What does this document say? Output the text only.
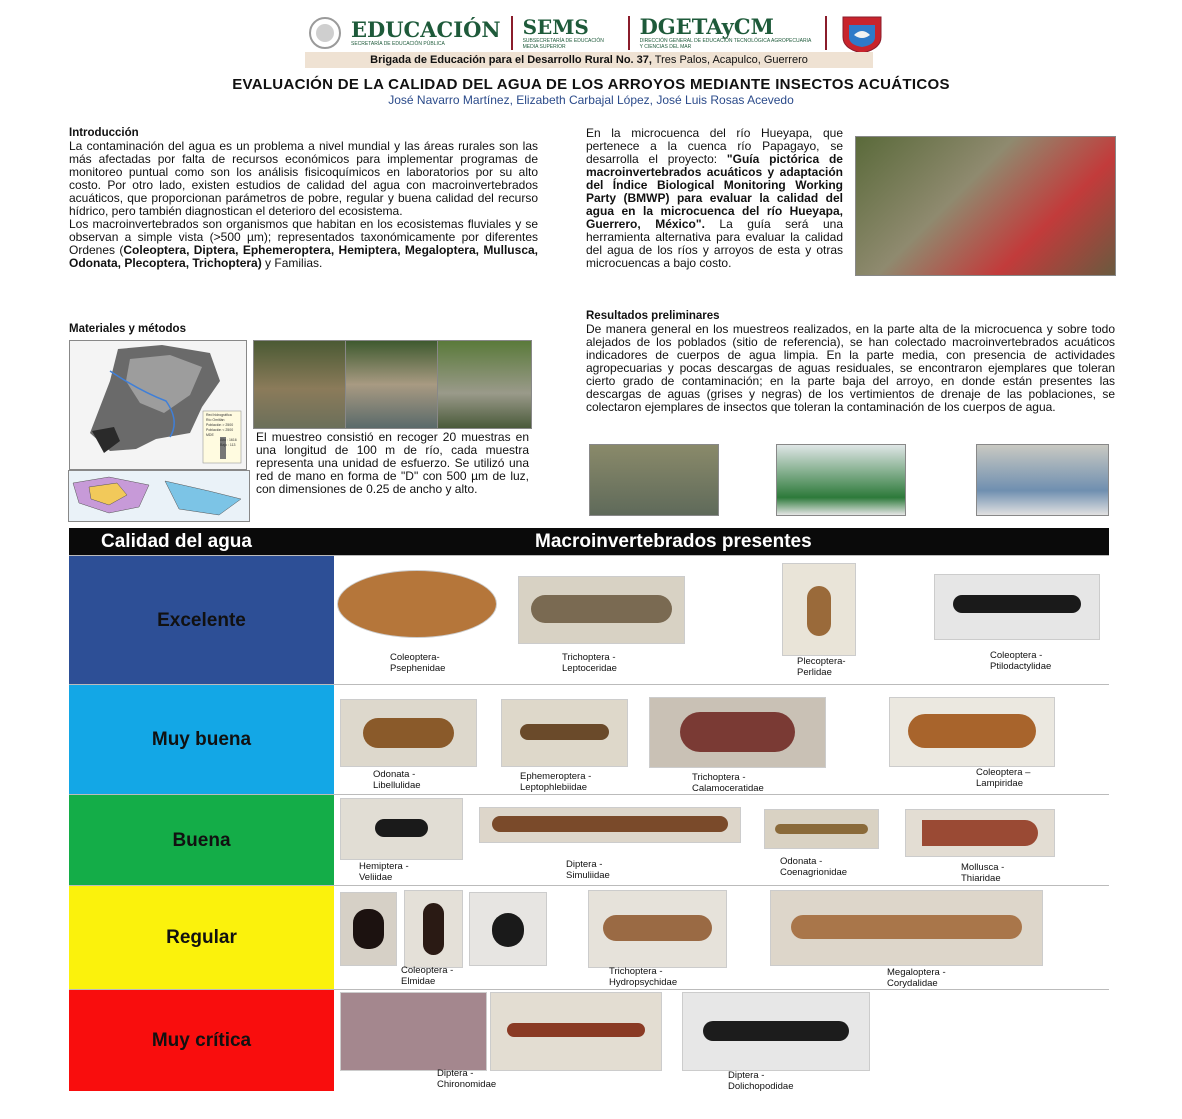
EDUCACIÓN
SECRETARÍA DE EDUCACIÓN PÚBLICA
SEMS
SUBSECRETARÍA DE EDUCACIÓN MEDIA SUPERIOR
DGETAyCM
DIRECCIÓN GENERAL DE EDUCACIÓN TECNOLÓGICA AGROPECUARIA Y CIENCIAS DEL MAR
Brigada de Educación para el Desarrollo Rural No. 37, Tres Palos, Acapulco, Guerrero
EVALUACIÓN DE LA CALIDAD DEL AGUA DE LOS ARROYOS MEDIANTE INSECTOS ACUÁTICOS
José Navarro Martínez, Elizabeth Carbajal López, José Luis Rosas Acevedo
Introducción
La contaminación del agua es un problema a nivel mundial y las áreas rurales son las más afectadas por falta de recursos económicos para implementar programas de monitoreo puntual como son los análisis fisicoquímicos en laboratorios por su alto costo. Por otro lado, existen estudios de calidad del agua con macroinvertebrados acuáticos, que proporcionan parámetros de pobre, regular y buena calidad del recurso hídrico, pero también diagnostican el deterioro del ecosistema.
Los macroinvertebrados son organismos que habitan en los ecosistemas fluviales y se observan a simple vista (>500 µm); representados taxonómicamente por diferentes Ordenes (Coleoptera, Diptera, Ephemeroptera, Hemiptera, Megaloptera, Mullusca, Odonata, Plecoptera, Trichoptera) y Familias.
Materiales y métodos
Red hidrográfica
Río Omitlán
Población > 2500
Población < 2500
MDE
Alto : 1616
Bajo : 113
El muestreo consistió en recoger 20 muestras en una longitud de 100 m de río, cada muestra representa una unidad de esfuerzo. Se utilizó una red de mano en forma de "D" con 500 µm de luz, con dimensiones de 0.25 de ancho y alto.
En la microcuenca del río Hueyapa, que pertenece a la cuenca río Papagayo, se desarrolla el proyecto: "Guía pictórica de macroinvertebrados acuáticos y adaptación del Índice Biological Monitoring Working Party (BMWP) para evaluar la calidad del agua en la microcuenca del río Hueyapa, Guerrero, México". La guía será una herramienta alternativa para evaluar la calidad del agua de los ríos y arroyos de esta y otras microcuencas a bajo costo.
Resultados preliminares
De manera general en los muestreos realizados, en la parte alta de la microcuenca y sobre todo alejados de los poblados (sitio de referencia), se han colectado macroinvertebrados acuáticos indicadores de cuerpos de agua limpia. En la parte media, con presencia de actividades agropecuarias y pocas descargas de aguas residuales, se encontraron ejemplares que toleran cierto grado de contaminación; en la parte baja del arroyo, en donde están presentes las descargas de aguas (grises y negras) de los vertimientos de drenaje de las poblaciones, se colectaron ejemplares de insectos que toleran la contaminación de los cuerpos de agua.
Calidad del agua	Macroinvertebrados presentes
Excelente
Coleoptera-
Psephenidae
Trichoptera -
Leptoceridae
Plecoptera-
Perlidae
Coleoptera -
Ptilodactylidae
Muy buena
Odonata -
Libellulidae
Ephemeroptera -
Leptophlebiidae
Trichoptera -
Calamoceratidae
Coleoptera –
Lampiridae
Buena
Hemiptera -
Veliidae
Diptera -
Simuliidae
Odonata -
Coenagrionidae	Mollusca -
Thiaridae
Regular
Coleoptera -
Elmidae
Trichoptera -
Hydropsychidae
Megaloptera -
Corydalidae
Muy crítica
Diptera -
Chironomidae
Diptera -
Dolichopodidae
